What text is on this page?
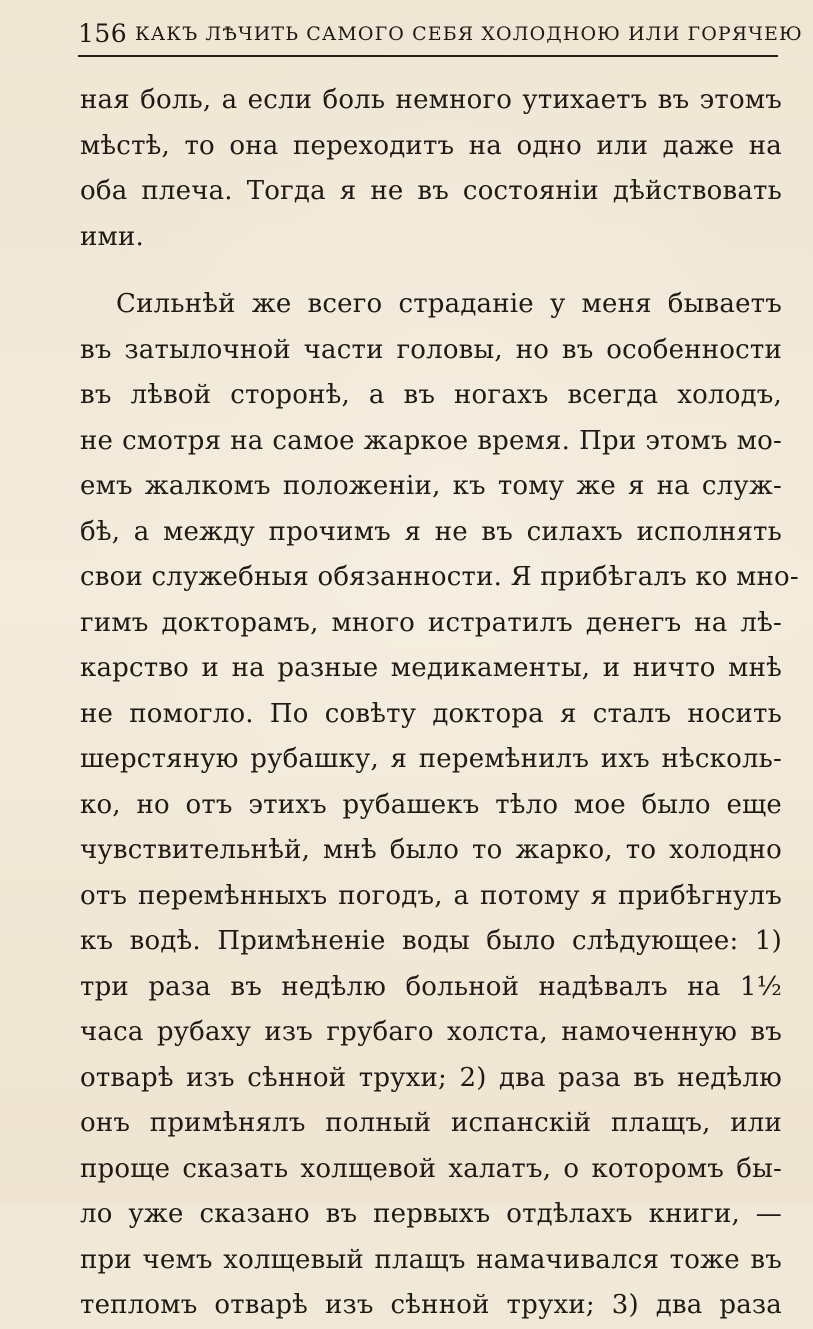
156 КАКЪ ЛѢЧИТЬ САМОГО СЕБЯ ХОЛОДНОЮ ИЛИ ГОРЯЧЕЮ
ная боль, а если боль немного утихаетъ въ этомъ
мѣстѣ, то она переходитъ на одно или даже на
оба плеча. Тогда я не въ состояніи дѣйствовать
ими.
Сильнѣй же всего страданіе у меня бываетъ
въ затылочной части головы, но въ особенности
въ лѣвой сторонѣ, а въ ногахъ всегда холодъ,
не смотря на самое жаркое время. При этомъ мо-
емъ жалкомъ положеніи, къ тому же я на служ-
бѣ, а между прочимъ я не въ силахъ исполнять
свои служебныя обязанности. Я прибѣгалъ ко мно-
гимъ докторамъ, много истратилъ денегъ на лѣ-
карство и на разные медикаменты, и ничто мнѣ
не помогло. По совѣту доктора я сталъ носить
шерстяную рубашку, я перемѣнилъ ихъ нѣсколь-
ко, но отъ этихъ рубашекъ тѣло мое было еще
чувствительнѣй, мнѣ было то жарко, то холодно
отъ перемѣнныхъ погодъ, а потому я прибѣгнулъ
къ водѣ. Примѣненіе воды было слѣдующее: 1)
три раза въ недѣлю больной надѣвалъ на 1½
часа рубаху изъ грубаго холста, намоченную въ
отварѣ изъ сѣнной трухи; 2) два раза въ недѣлю
онъ примѣнялъ полный испанскій плащъ, или
проще сказать холщевой халатъ, о которомъ бы-
ло уже сказано въ первыхъ отдѣлахъ книги, —
при чемъ холщевый плащъ намачивался тоже въ
тепломъ отварѣ изъ сѣнной трухи; 3) два раза
